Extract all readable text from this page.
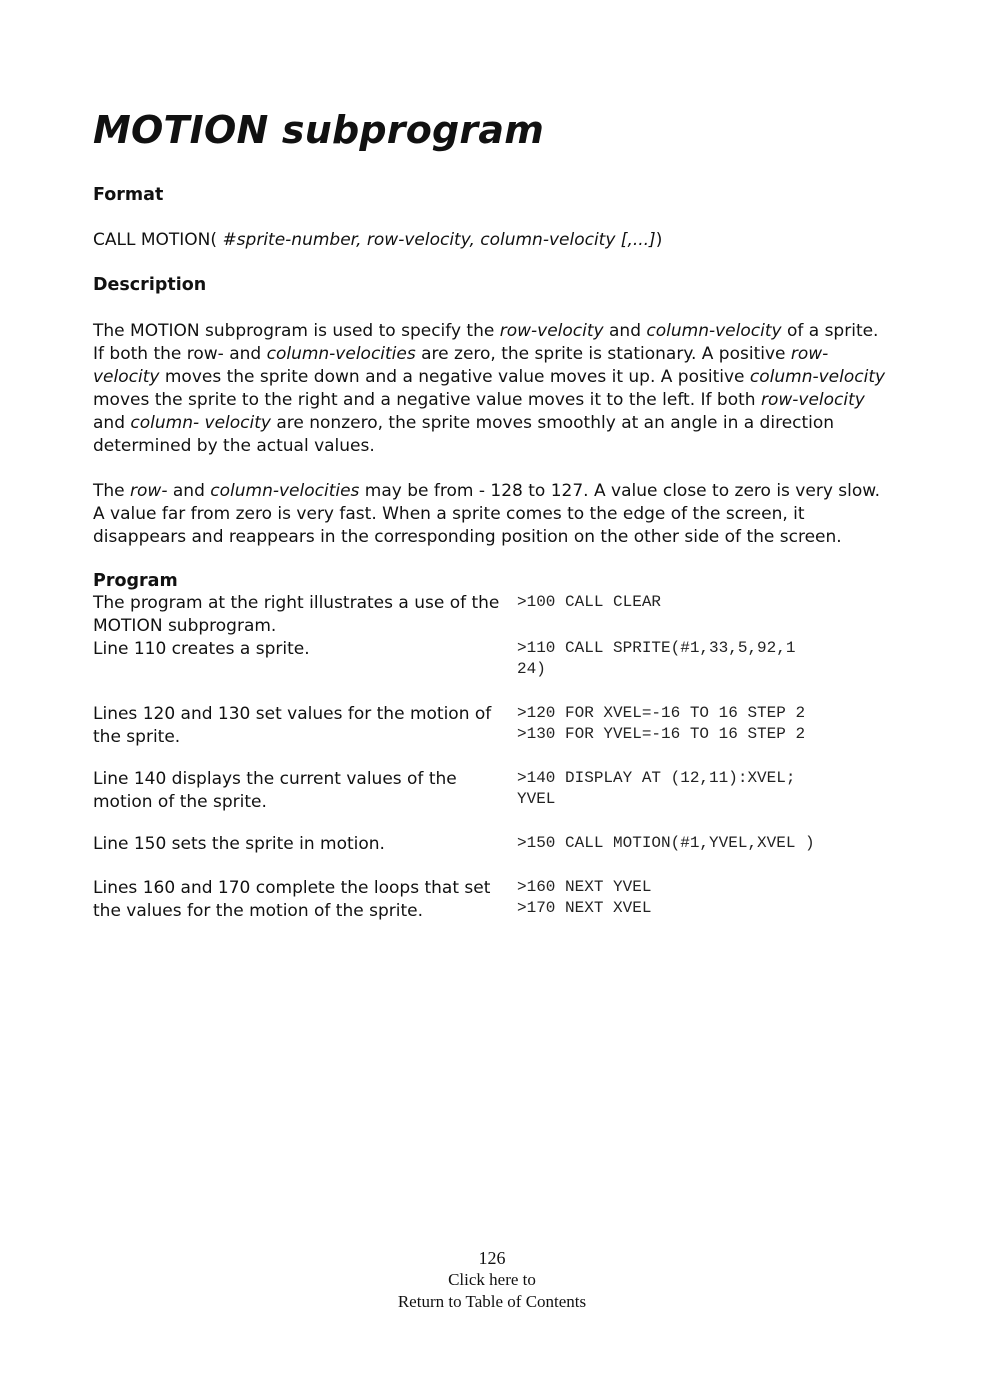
MOTION subprogram
Format

CALL MOTION( #sprite-number, row-velocity, column-velocity [,...])

Description

The MOTION subprogram is used to specify the row-velocity and column-velocity of a sprite.
If both the row- and column-velocities are zero, the sprite is stationary. A positive row-
velocity moves the sprite down and a negative value moves it up. A positive column-velocity
moves the sprite to the right and a negative value moves it to the left. If both row-velocity
and column- velocity are nonzero, the sprite moves smoothly at an angle in a direction
determined by the actual values.

The row- and column-velocities may be from - 128 to 127. A value close to zero is very slow.
A value far from zero is very fast. When a sprite comes to the edge of the screen, it
disappears and reappears in the corresponding position on the other side of the screen.

Program
The program at the right illustrates a use of the MOTION subprogram.
>100 CALL CLEAR
Line 110 creates a sprite.	>110 CALL SPRITE(#1,33,5,92,1
24)
Lines 120 and 130 set values for the motion of the sprite.
>120 FOR XVEL=-16 TO 16 STEP 2
>130 FOR YVEL=-16 TO 16 STEP 2
Line 140 displays the current values of the motion of the sprite.
>140 DISPLAY AT (12,11):XVEL;
YVEL
Line 150 sets the sprite in motion.	>150 CALL MOTION(#1,YVEL,XVEL )
Lines 160 and 170 complete the loops that set the values for the motion of the sprite.
>160 NEXT YVEL
>170 NEXT XVEL
126
Click here to
Return to Table of Contents
